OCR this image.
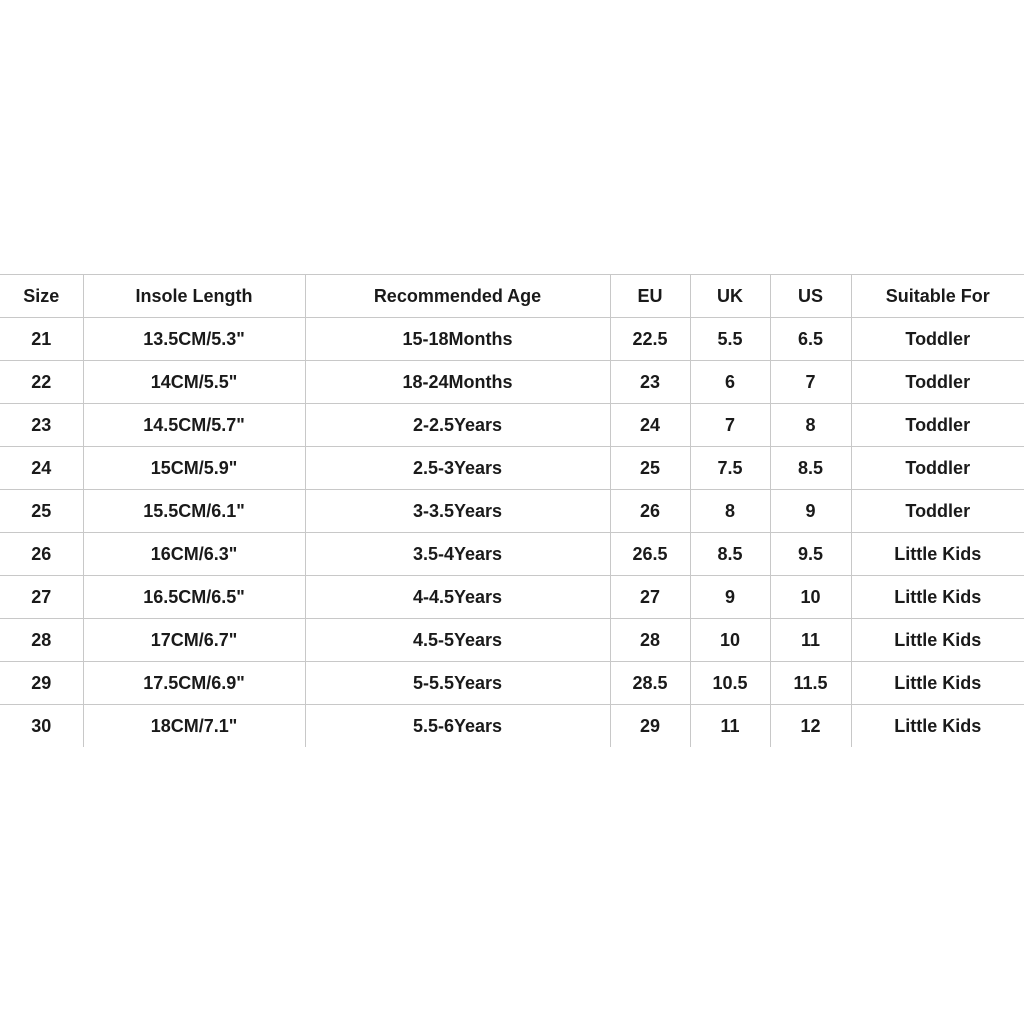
Size	Insole Length	Recommended Age	EU	UK	US	Suitable For
21	13.5CM/5.3"	15-18Months	22.5	5.5	6.5	Toddler
22	14CM/5.5"	18-24Months	23	6	7	Toddler
23	14.5CM/5.7"	2-2.5Years	24	7	8	Toddler
24	15CM/5.9"	2.5-3Years	25	7.5	8.5	Toddler
25	15.5CM/6.1"	3-3.5Years	26	8	9	Toddler
26	16CM/6.3"	3.5-4Years	26.5	8.5	9.5	Little Kids
27	16.5CM/6.5"	4-4.5Years	27	9	10	Little Kids
28	17CM/6.7"	4.5-5Years	28	10	11	Little Kids
29	17.5CM/6.9"	5-5.5Years	28.5	10.5	11.5	Little Kids
30	18CM/7.1"	5.5-6Years	29	11	12	Little Kids
